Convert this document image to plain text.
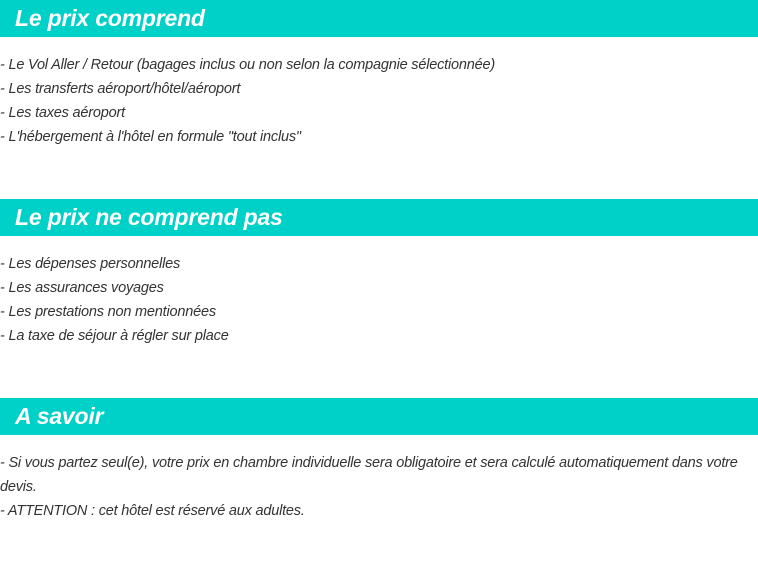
Le prix comprend
- Le Vol Aller / Retour (bagages inclus ou non selon la compagnie sélectionnée)
- Les transferts aéroport/hôtel/aéroport
- Les taxes aéroport
- L'hébergement à l'hôtel en formule "tout inclus"
Le prix ne comprend pas
- Les dépenses personnelles
- Les assurances voyages
- Les prestations non mentionnées
- La taxe de séjour à régler sur place
A savoir
- Si vous partez seul(e), votre prix en chambre individuelle sera obligatoire et sera calculé automatiquement dans votre devis.
- ATTENTION : cet hôtel est réservé aux adultes.
